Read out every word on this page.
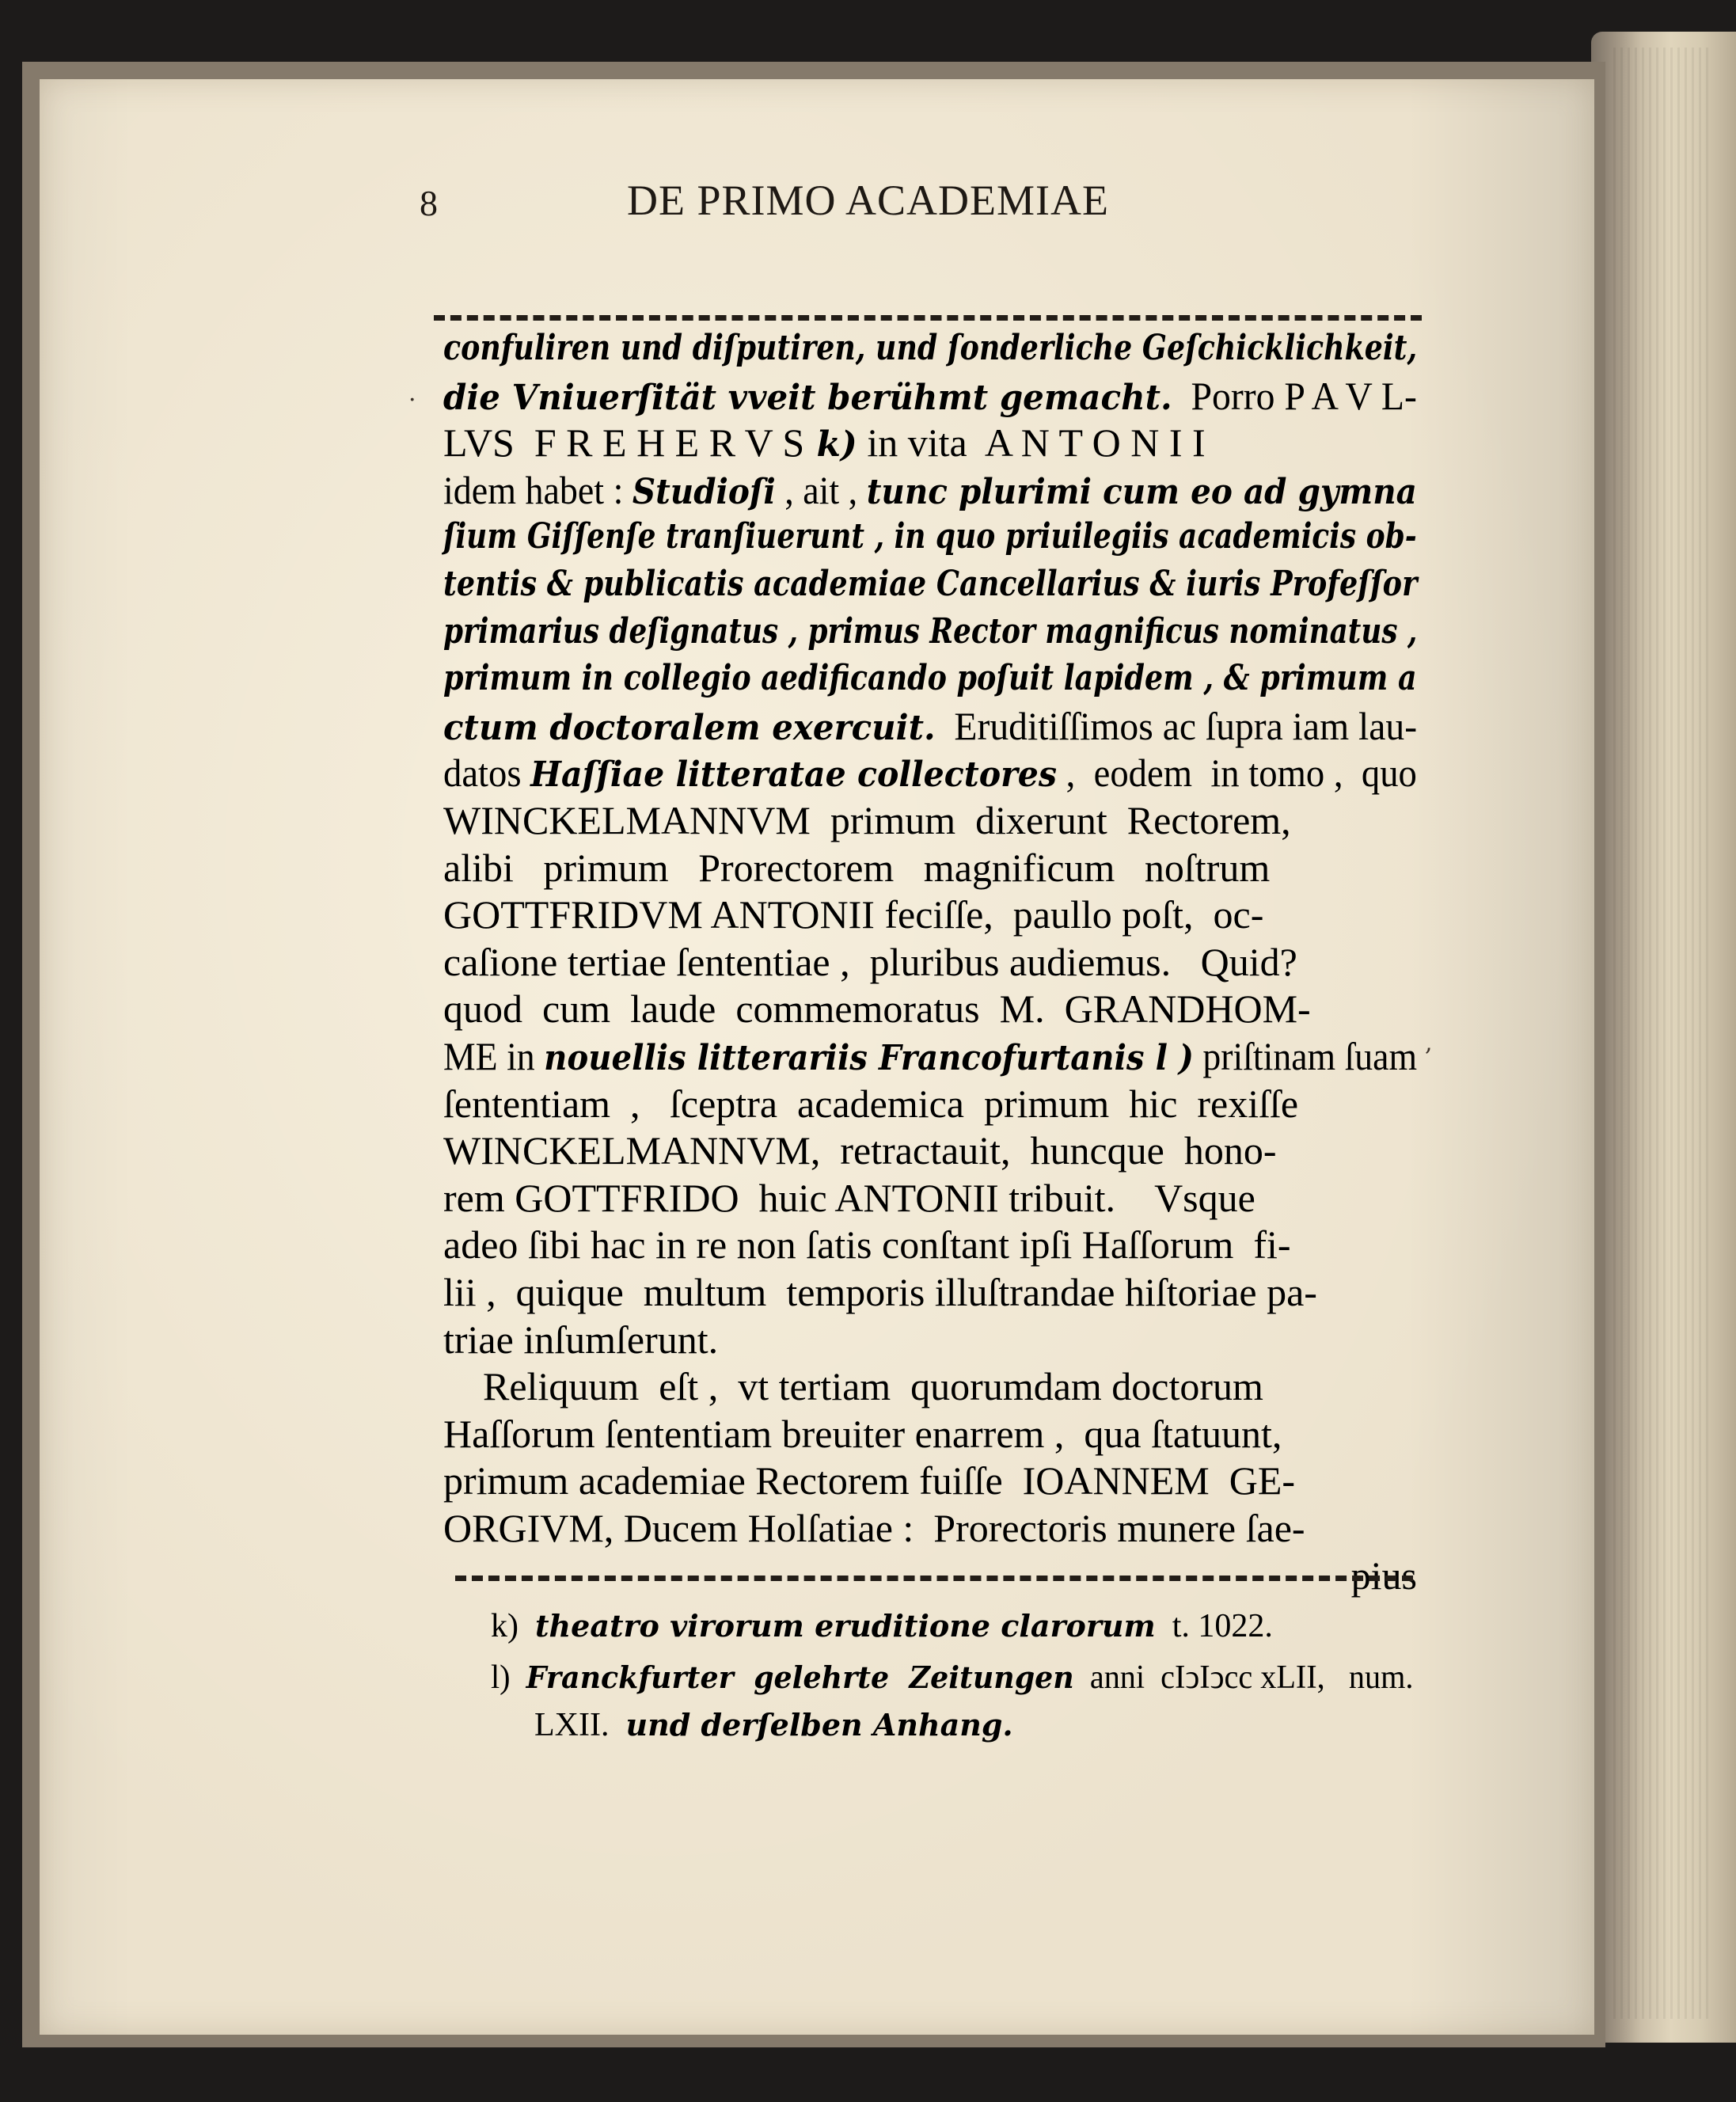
8	DE PRIMO ACADEMIAE
confuliren und diſputiren, und ſonderliche Geſchicklichkeit,
die Vniuerſität vveit berühmt gemacht. Porro P A V L-
LVS  F R E H E R V S k) in vita  A N T O N I I
idem habet : Studioſi , ait , tunc plurimi cum eo ad gymna
ſium Giſſenſe tranſiuerunt , in quo priuilegiis academicis ob-
tentis & publicatis academiae Cancellarius & iuris Profeſſor
primarius deſignatus , primus Rector magnificus nominatus ,
primum in collegio aedificando poſuit lapidem , & primum a
ctum doctoralem exercuit. Eruditiſſimos ac ſupra iam lau-
datos Haſſiae litteratae collectores ,  eodem  in tomo ,  quo
WINCKELMANNVM  primum  dixerunt  Rectorem,
alibi   primum   Prorectorem   magnificum   noſtrum
GOTTFRIDVM ANTONII feciſſe,  paullo poſt,  oc-
caſione tertiae ſententiae ,  pluribus audiemus.   Quid?
quod  cum  laude  commemoratus  M.  GRANDHOM-
ME in nouellis litterariis Francofurtanis l ) priſtinam ſuam
ſententiam  ,   ſceptra  academica  primum  hic  rexiſſe
WINCKELMANNVM,  retractauit,  huncque  hono-
rem GOTTFRIDO  huic ANTONII tribuit.    Vsque
adeo ſibi hac in re non ſatis conſtant ipſi Haſſorum  fi-
lii ,  quique  multum  temporis illuſtrandae hiſtoriae pa-
triae inſumſerunt.
Reliquum  eſt ,  vt tertiam  quorumdam doctorum
Haſſorum ſententiam breuiter enarrem ,  qua ſtatuunt,
primum academiae Rectorem fuiſſe  IOANNEM  GE-
ORGIVM, Ducem Holſatiae :  Prorectoris munere ſae-
pius
k)  theatro virorum eruditione clarorum  t. 1022.
l)  Franckfurter  gelehrte  Zeitungen  anni  cIↄIↄcc xLII,   num.
LXII.  und derſelben Anhang.
·
,
